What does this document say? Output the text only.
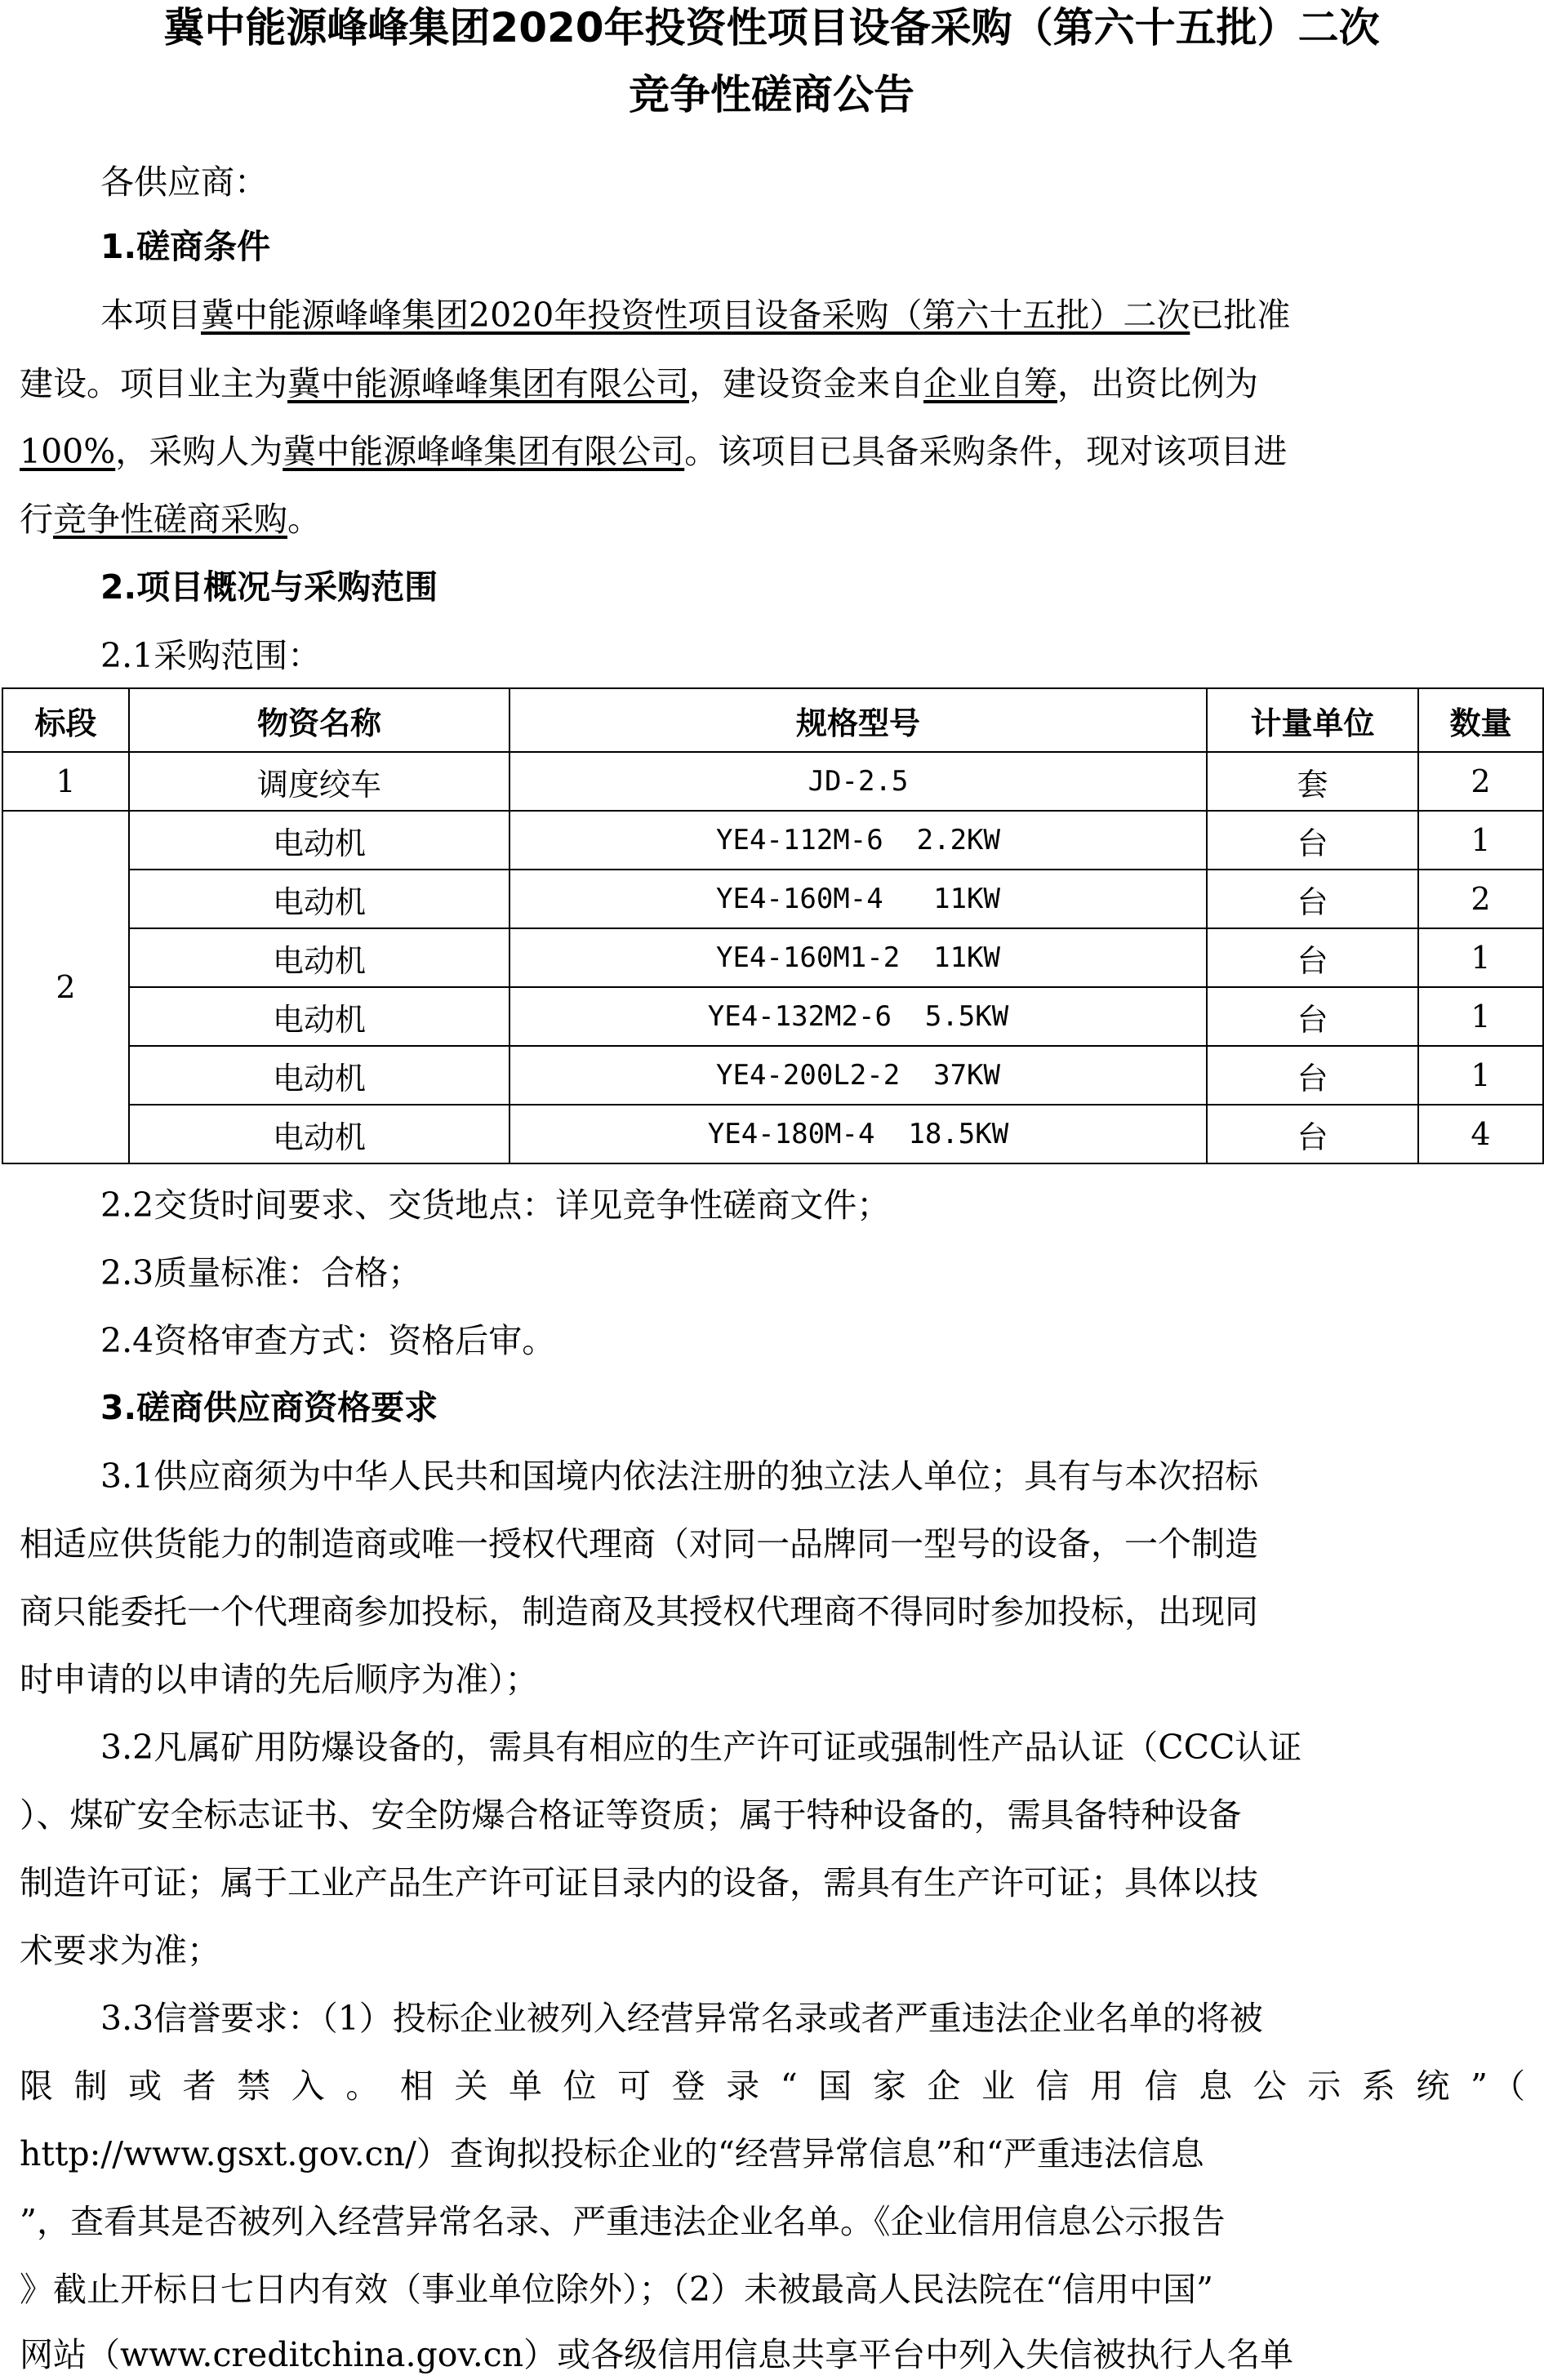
冀中能源峰峰集团2020年投资性项目设备采购（第六十五批）二次
竞争性磋商公告
各供应商：
1.磋商条件
本项目冀中能源峰峰集团2020年投资性项目设备采购（第六十五批）二次已批准
建设。项目业主为冀中能源峰峰集团有限公司，建设资金来自企业自筹，出资比例为
100%，采购人为冀中能源峰峰集团有限公司。该项目已具备采购条件，现对该项目进
行竞争性磋商采购。
2.项目概况与采购范围
2.1采购范围：
标段	物资名称	规格型号	计量单位	数量
1	调度绞车	JD-2.5	套	2
2	电动机	YE4-112M-6  2.2KW	台	1
	电动机	YE4-160M-4   11KW	台	2
	电动机	YE4-160M1-2  11KW	台	1
	电动机	YE4-132M2-6  5.5KW	台	1
	电动机	YE4-200L2-2  37KW	台	1
	电动机	YE4-180M-4  18.5KW	台	4
2.2交货时间要求、交货地点：详见竞争性磋商文件；
2.3质量标准：合格；
2.4资格审查方式：资格后审。
3.磋商供应商资格要求
3.1供应商须为中华人民共和国境内依法注册的独立法人单位；具有与本次招标
相适应供货能力的制造商或唯一授权代理商（对同一品牌同一型号的设备，一个制造
商只能委托一个代理商参加投标，制造商及其授权代理商不得同时参加投标，出现同
时申请的以申请的先后顺序为准）；
3.2凡属矿用防爆设备的，需具有相应的生产许可证或强制性产品认证（CCC认证
）、煤矿安全标志证书、安全防爆合格证等资质；属于特种设备的，需具备特种设备
制造许可证；属于工业产品生产许可证目录内的设备，需具有生产许可证；具体以技
术要求为准；
3.3信誉要求：（1）投标企业被列入经营异常名录或者严重违法企业名单的将被
限制或者禁入。相关单位可登录“国家企业信用信息公示系统”（
http://www.gsxt.gov.cn/）查询拟投标企业的“经营异常信息”和“严重违法信息
”，查看其是否被列入经营异常名录、严重违法企业名单。《企业信用信息公示报告
》截止开标日七日内有效（事业单位除外）；（2）未被最高人民法院在“信用中国”
网站（www.creditchina.gov.cn）或各级信用信息共享平台中列入失信被执行人名单
